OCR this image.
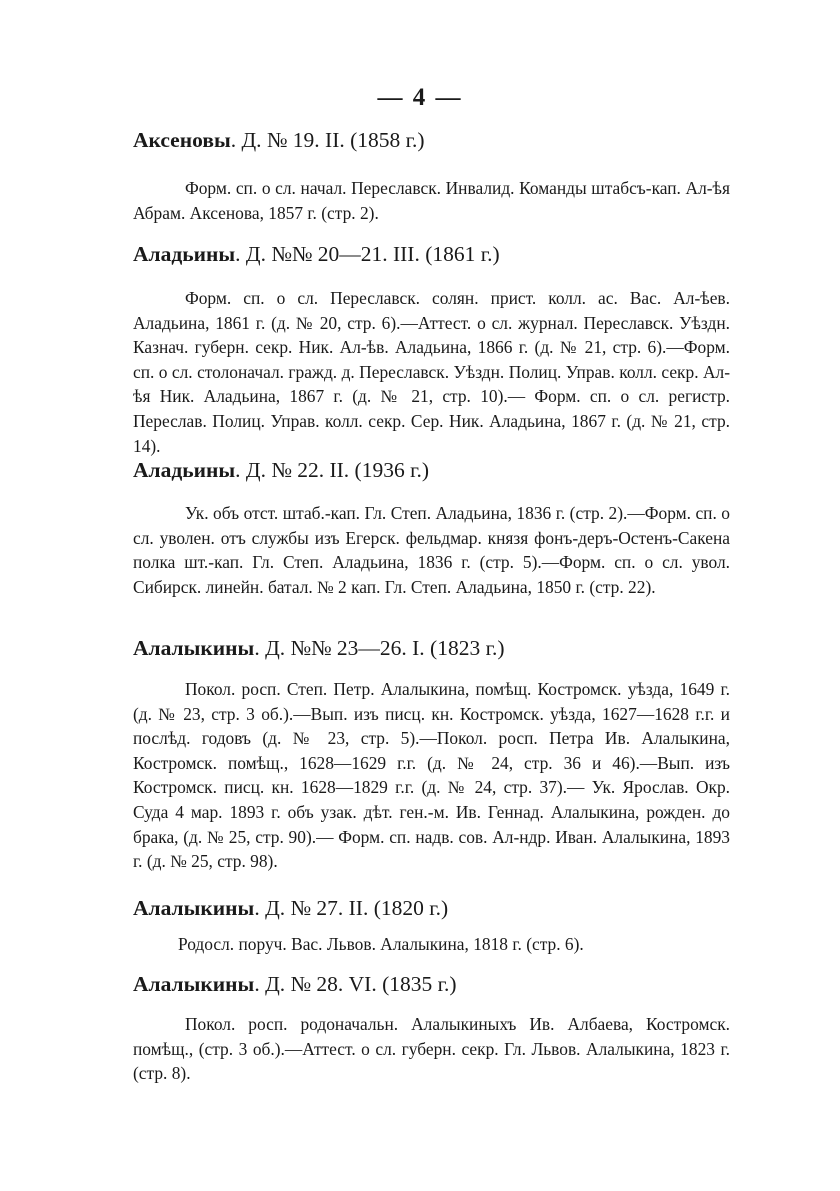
— 4 —

Аксеновы. Д. № 19. II. (1858 г.)

Форм. сп. о сл. начал. Переславск. Инвалид. Команды штабсъ-кап. Ал-ѣя Абрам. Аксенова, 1857 г. (стр. 2).

Аладьины. Д. №№ 20—21. III. (1861 г.)

Форм. сп. о сл. Переславск. солян. прист. колл. ас. Вас. Ал-ѣев. Аладьина, 1861 г. (д. № 20, стр. 6).—Аттест. о сл. журнал. Переславск. Уѣздн. Казнач. губерн. секр. Ник. Ал-ѣв. Аладьина, 1866 г. (д. № 21, стр. 6).—Форм. сп. о сл. столоначал. гражд. д. Переславск. Уѣздн. Полиц. Управ. колл. секр. Ал-ѣя Ник. Аладьина, 1867 г. (д. № 21, стр. 10).— Форм. сп. о сл. регистр. Переслав. Полиц. Управ. колл. секр. Сер. Ник. Аладьина, 1867 г. (д. № 21, стр. 14).

Аладьины. Д. № 22. II. (1936 г.)

Ук. объ отст. штаб.-кап. Гл. Степ. Аладьина, 1836 г. (стр. 2).—Форм. сп. о сл. уволен. отъ службы изъ Егерск. фельдмар. князя фонъ-деръ-Остенъ-Сакена полка шт.-кап. Гл. Степ. Аладьина, 1836 г. (стр. 5).—Форм. сп. о сл. увол. Сибирск. линейн. батал. № 2 кап. Гл. Степ. Аладьина, 1850 г. (стр. 22).

Алалыкины. Д. №№ 23—26. I. (1823 г.)

Покол. росп. Степ. Петр. Алалыкина, помѣщ. Костромск. уѣзда, 1649 г. (д. № 23, стр. 3 об.).—Вып. изъ писц. кн. Костромск. уѣзда, 1627—1628 г.г. и послѣд. годовъ (д. № 23, стр. 5).—Покол. росп. Петра Ив. Алалыкина, Костромск. помѣщ., 1628—1629 г.г. (д. № 24, стр. 36 и 46).—Вып. изъ Костромск. писц. кн. 1628—1829 г.г. (д. № 24, стр. 37).— Ук. Ярослав. Окр. Суда 4 мар. 1893 г. объ узак. дѣт. ген.-м. Ив. Геннад. Алалыкина, рожден. до брака, (д. № 25, стр. 90).— Форм. сп. надв. сов. Ал-ндр. Иван. Алалыкина, 1893 г. (д. № 25, стр. 98).

Алалыкины. Д. № 27. II. (1820 г.)

Родосл. поруч. Вас. Львов. Алалыкина, 1818 г. (стр. 6).

Алалыкины. Д. № 28. VI. (1835 г.)

Покол. росп. родоначальн. Алалыкиныхъ Ив. Албаева, Костромск. помѣщ., (стр. 3 об.).—Аттест. о сл. губерн. секр. Гл. Львов. Алалыкина, 1823 г. (стр. 8).
